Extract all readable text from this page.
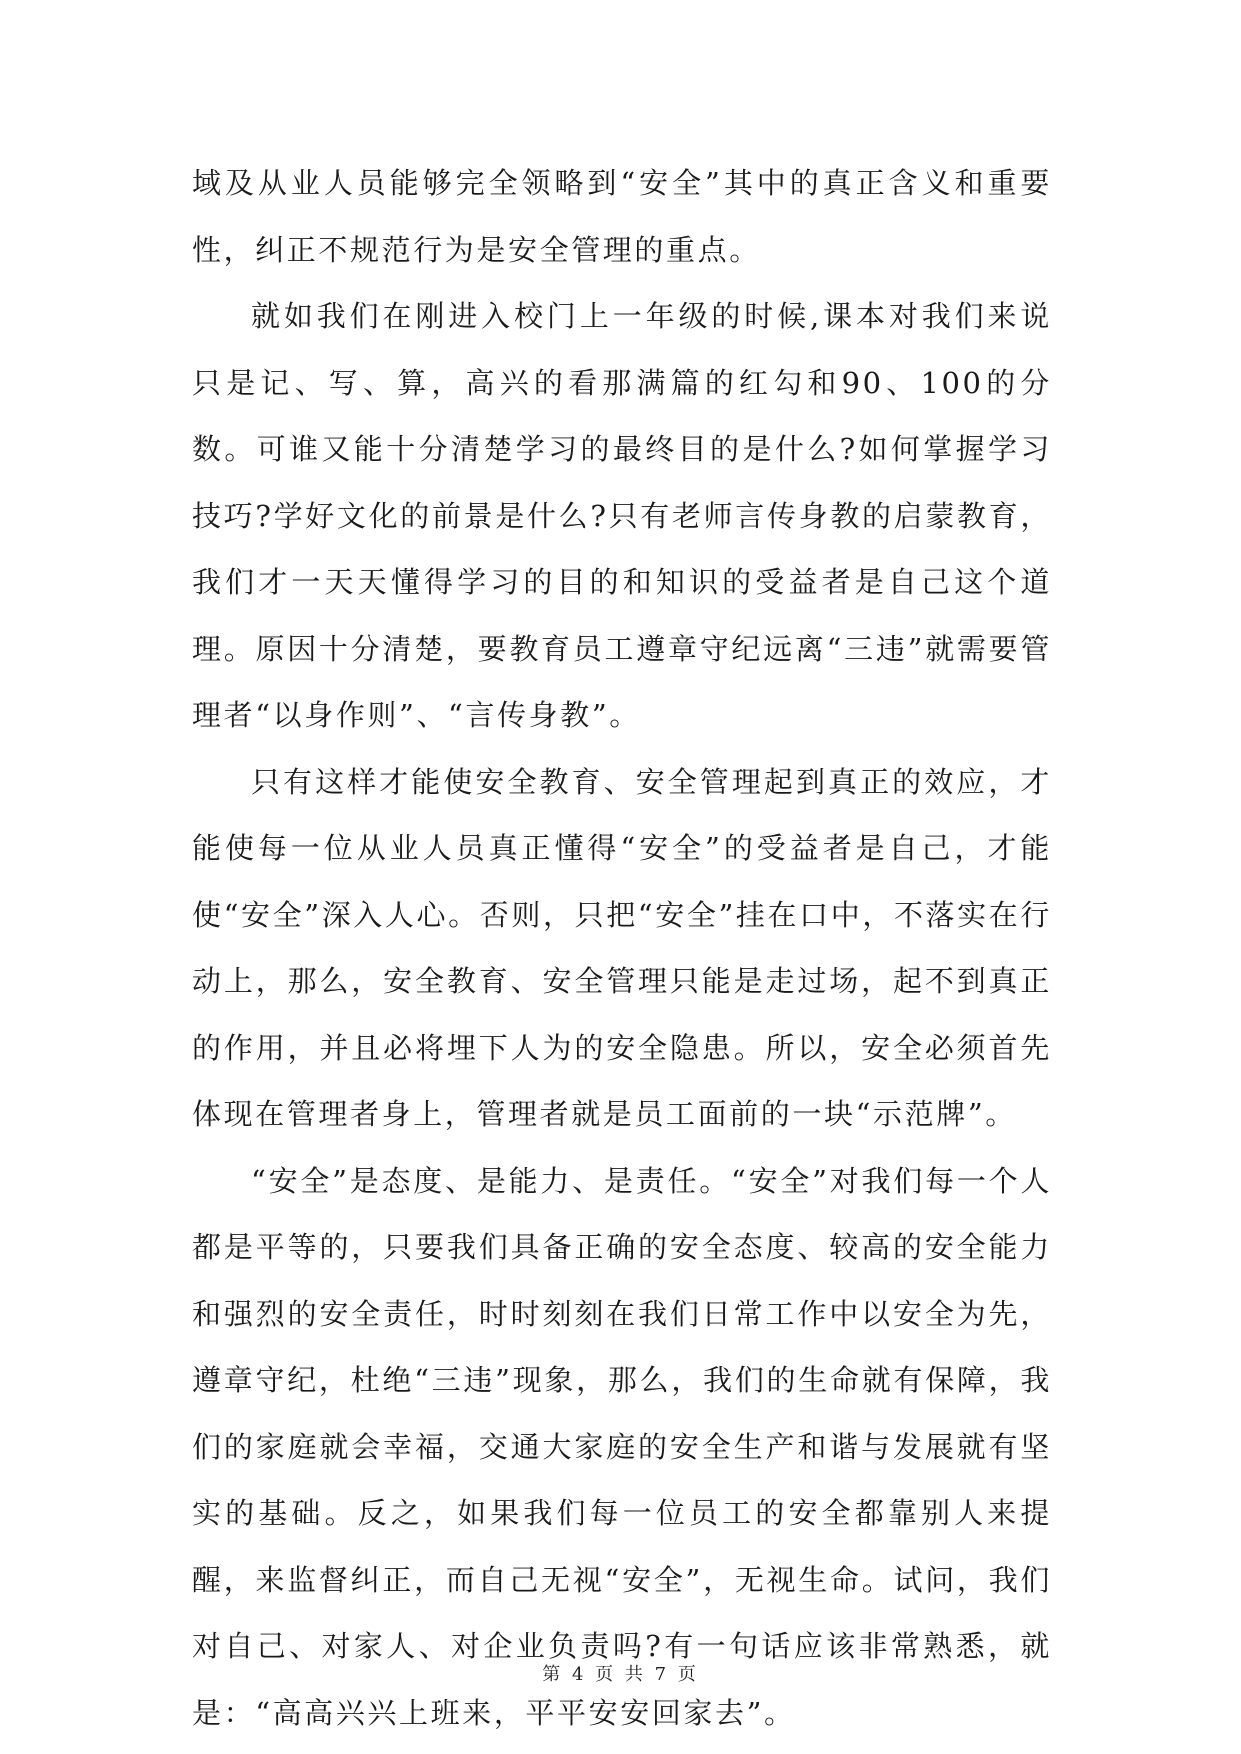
域及从业人员能够完全领略到“安全”其中的真正含义和重要性，纠正不规范行为是安全管理的重点。

就如我们在刚进入校门上一年级的时候,课本对我们来说只是记、写、算，高兴的看那满篇的红勾和90、100的分数。可谁又能十分清楚学习的最终目的是什么?如何掌握学习技巧?学好文化的前景是什么?只有老师言传身教的启蒙教育，我们才一天天懂得学习的目的和知识的受益者是自己这个道理。原因十分清楚，要教育员工遵章守纪远离“三违”就需要管理者“以身作则”、“言传身教”。

只有这样才能使安全教育、安全管理起到真正的效应，才能使每一位从业人员真正懂得“安全”的受益者是自己，才能使“安全”深入人心。否则，只把“安全”挂在口中，不落实在行动上，那么，安全教育、安全管理只能是走过场，起不到真正的作用，并且必将埋下人为的安全隐患。所以，安全必须首先体现在管理者身上，管理者就是员工面前的一块“示范牌”。

“安全”是态度、是能力、是责任。“安全”对我们每一个人都是平等的，只要我们具备正确的安全态度、较高的安全能力和强烈的安全责任，时时刻刻在我们日常工作中以安全为先，遵章守纪，杜绝“三违”现象，那么，我们的生命就有保障，我们的家庭就会幸福，交通大家庭的安全生产和谐与发展就有坚实的基础。反之，如果我们每一位员工的安全都靠别人来提醒，来监督纠正，而自己无视“安全”，无视生命。试问，我们对自己、对家人、对企业负责吗?有一句话应该非常熟悉，就是：“高高兴兴上班来，平平安安回家去”。

第 4 页 共 7 页
